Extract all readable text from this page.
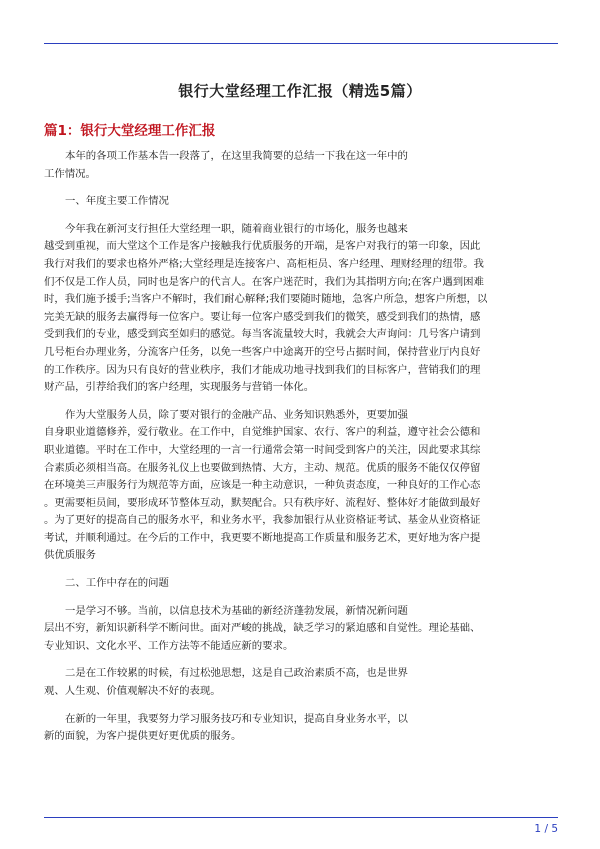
银行大堂经理工作汇报（精选5篇）
篇1：银行大堂经理工作汇报
本年的各项工作基本告一段落了，在这里我简要的总结一下我在这一年中的
工作情况。
一、年度主要工作情况
今年我在新河支行担任大堂经理一职，随着商业银行的市场化，服务也越来
越受到重视，而大堂这个工作是客户接触我行优质服务的开端，是客户对我行的第一印象，因此
我行对我们的要求也格外严格;大堂经理是连接客户、高柜柜员、客户经理、理财经理的纽带。我
们不仅是工作人员，同时也是客户的代言人。在客户迷茫时，我们为其指明方向;在客户遇到困难
时，我们施予援手;当客户不解时，我们耐心解释;我们要随时随地，急客户所急，想客户所想，以
完美无缺的服务去赢得每一位客户。要让每一位客户感受到我们的微笑，感受到我们的热情，感
受到我们的专业，感受到宾至如归的感觉。每当客流量较大时，我就会大声询问：几号客户请到
几号柜台办理业务，分流客户任务，以免一些客户中途离开的空号占据时间，保持营业厅内良好
的工作秩序。因为只有良好的营业秩序，我们才能成功地寻找到我们的目标客户，营销我们的理
财产品，引荐给我们的客户经理，实现服务与营销一体化。
作为大堂服务人员，除了要对银行的金融产品、业务知识熟悉外，更要加强
自身职业道德修养，爱行敬业。在工作中，自觉维护国家、农行、客户的利益，遵守社会公德和
职业道德。平时在工作中，大堂经理的一言一行通常会第一时间受到客户的关注，因此要求其综
合素质必须相当高。在服务礼仪上也要做到热情、大方，主动、规范。优质的服务不能仅仅停留
在环境美三声服务行为规范等方面，应该是一种主动意识，一种负责态度，一种良好的工作心态
。更需要柜员间，要形成环节整体互动，默契配合。只有秩序好、流程好、整体好才能做到最好
。为了更好的提高自己的服务水平，和业务水平，我参加银行从业资格证考试、基金从业资格证
考试，并顺利通过。在今后的工作中，我更要不断地提高工作质量和服务艺术，更好地为客户提
供优质服务
二、工作中存在的问题
一是学习不够。当前，以信息技术为基础的新经济蓬勃发展，新情况新问题
层出不穷，新知识新科学不断问世。面对严峻的挑战，缺乏学习的紧迫感和自觉性。理论基础、
专业知识、文化水平、工作方法等不能适应新的要求。
二是在工作较累的时候，有过松弛思想，这是自己政治素质不高，也是世界
观、人生观、价值观解决不好的表现。
在新的一年里，我要努力学习服务技巧和专业知识，提高自身业务水平，以
新的面貌，为客户提供更好更优质的服务。
1 / 5
